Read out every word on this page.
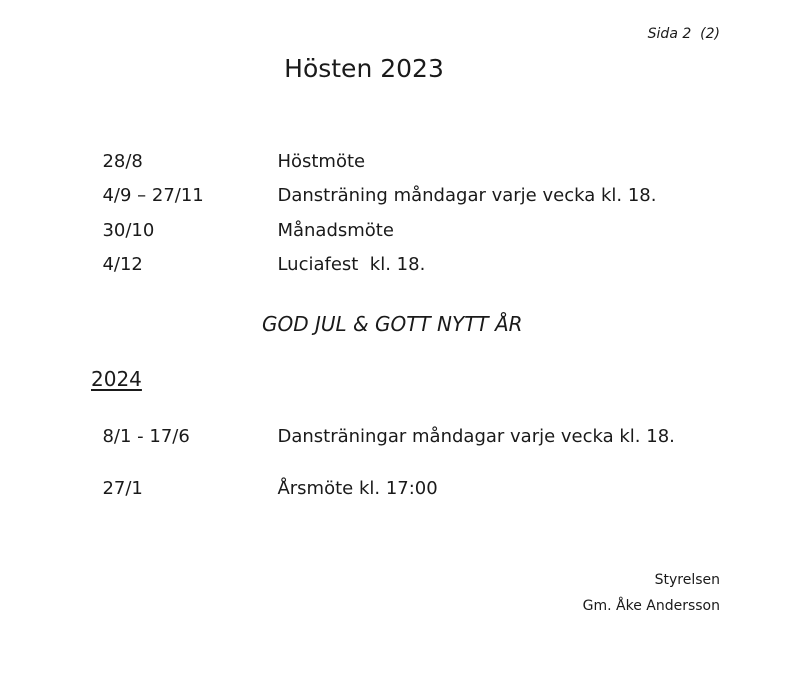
Sida 2  (2)
Hösten 2023

28/8	Höstmöte

4/9 – 27/11	Dansträning måndagar varje vecka kl. 18.

30/10	Månadsmöte

4/12	Luciafest  kl. 18.

GOD JUL & GOTT NYTT ÅR
2024

8/1 - 17/6	Dansträningar måndagar varje vecka kl. 18.

27/1	Årsmöte kl. 17:00

Styrelsen
Gm. Åke Andersson
